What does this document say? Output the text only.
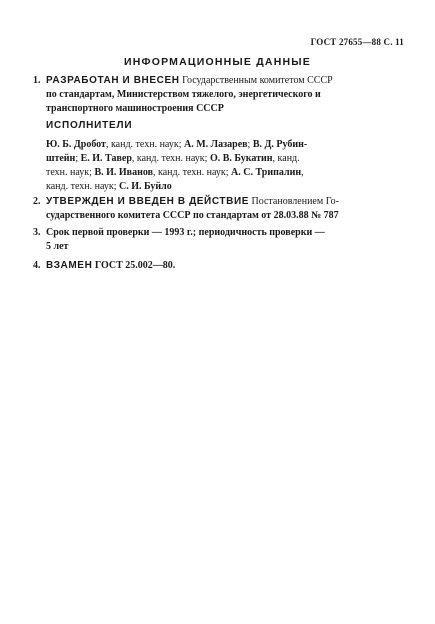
ГОСТ 27655—88 С. 11
ИНФОРМАЦИОННЫЕ ДАННЫЕ
1. РАЗРАБОТАН И ВНЕСЕН Государственным комитетом СССР
по стандартам, Министерством тяжелого, энергетического и
транспортного машиностроения СССР
ИСПОЛНИТЕЛИ
Ю. Б. Дробот, канд. техн. наук; А. М. Лазарев; В. Д. Рубин-
штейн; Е. И. Тавер, канд. техн. наук; О. В. Букатин, канд.
техн. наук; В. И. Иванов, канд. техн. наук; А. С. Трипалин,
канд. техн. наук; С. И. Буйло
2. УТВЕРЖДЕН И ВВЕДЕН В ДЕЙСТВИЕ Постановлением Го-
сударственного комитета СССР по стандартам от 28.03.88 № 787
3. Срок первой проверки — 1993 г.; периодичность проверки —
5 лет
4. ВЗАМЕН ГОСТ 25.002—80.
